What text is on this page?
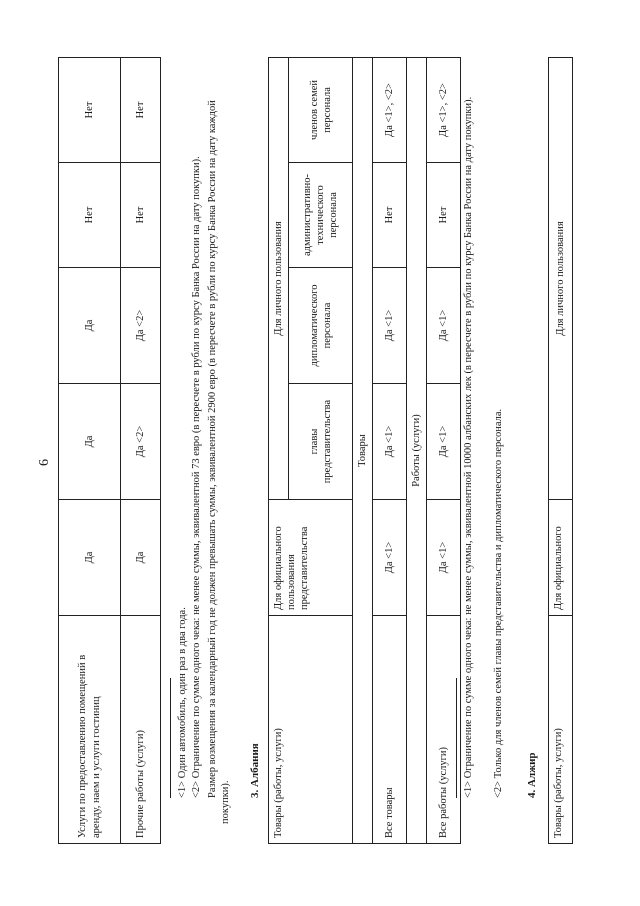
6
Услуги по предоставлению помещений в аренду, наем и услуги гостиниц	Да	Да	Да	Нет	Нет
Прочие работы (услуги)	Да	Да <2>	Да <2>	Нет	Нет
<1> Один автомобиль, один раз в два года. <2> Ограничение по сумме одного чека: не менее суммы, эквивалентной 73 евро (в пересчете в рубли по курсу Банка России на дату покупки). Размер возмещения за календарный год не должен превышать суммы, эквивалентной 2900 евро (в пересчете в рубли по курсу Банка России на дату каждой покупки).
3. Албания Товары (работы, услуги)	Для официального пользования представительства	Для личного пользования			
		главы представительства	дипломатического персонала	административно-технического персонала	членов семей персонала
Товары					
Все товары	Да <1>	Да <1>	Да <1>	Нет	Да <1>, <2>
Работы (услуги)					
Все работы (услуги)	Да <1>	Да <1>	Да <1>	Нет	Да <1>, <2> <1> Ограничение по сумме одного чека: не менее суммы, эквивалентной 10000 албанских лек (в пересчете в рубли по курсу Банка России на дату покупки). <2> Только для членов семей главы представительства и дипломатического персонала. 4. Алжир Товары (работы, услуги)	Для официального	Для личного пользования
